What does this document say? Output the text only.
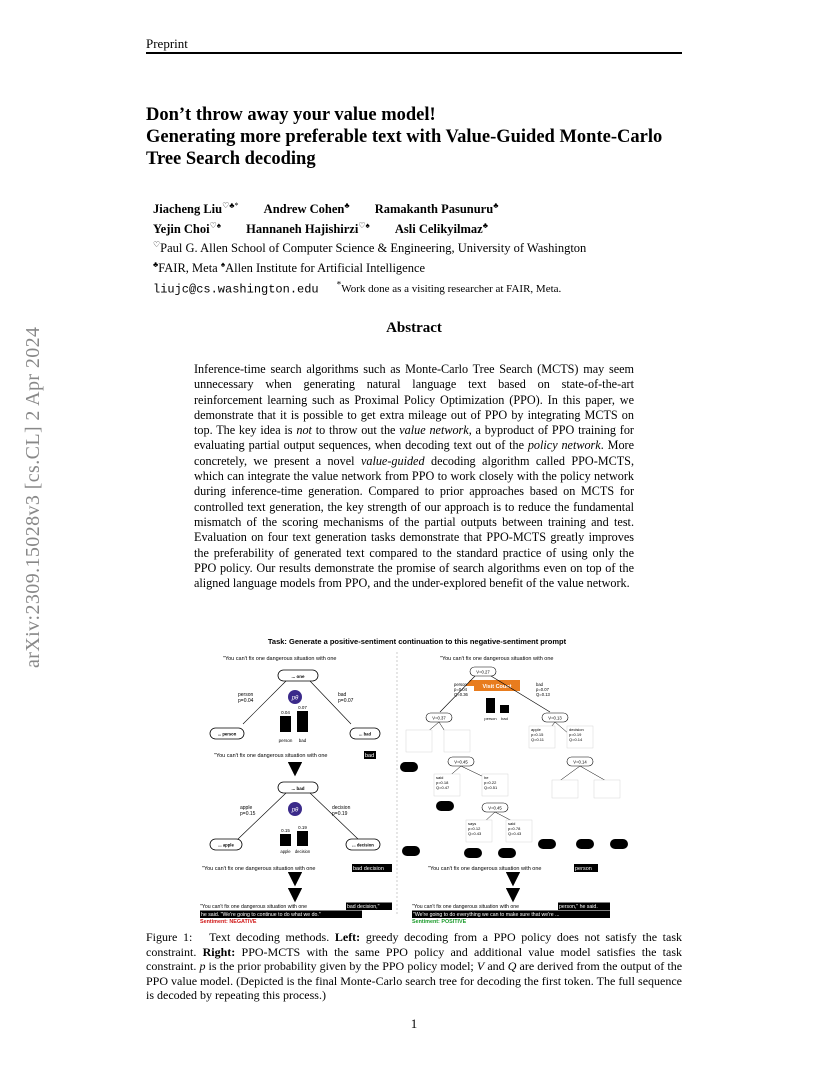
Preprint
arXiv:2309.15028v3 [cs.CL] 2 Apr 2024
Don’t throw away your value model!
Generating more preferable text with Value-Guided Monte-Carlo
Tree Search decoding
Jiacheng Liu♡♣* Andrew Cohen♣ Ramakanth Pasunuru♣
Yejin Choi♡♠ Hannaneh Hajishirzi♡♠ Asli Celikyilmaz♣
♡Paul G. Allen School of Computer Science & Engineering, University of Washington
♣FAIR, Meta ♠Allen Institute for Artificial Intelligence
liujc@cs.washington.edu *Work done as a visiting researcher at FAIR, Meta.
Abstract
Inference-time search algorithms such as Monte-Carlo Tree Search (MCTS) may seem unnecessary when generating natural language text based on state-of-the-art reinforcement learning such as Proximal Policy Optimization (PPO). In this paper, we demonstrate that it is possible to get extra mileage out of PPO by integrating MCTS on top. The key idea is not to throw out the value network, a byproduct of PPO training for evaluating partial output sequences, when decoding text out of the policy network. More concretely, we present a novel value-guided decoding algorithm called PPO-MCTS, which can integrate the value network from PPO to work closely with the policy network during inference-time generation. Compared to prior approaches based on MCTS for controlled text generation, the key strength of our approach is to reduce the fundamental mismatch of the scoring mechanisms of the partial outputs between training and test. Evaluation on four text generation tasks demonstrate that PPO-MCTS greatly improves the preferability of generated text compared to the standard practice of using only the PPO policy. Our results demonstrate the promise of search algorithms even on top of the aligned language models from PPO, and the under-explored benefit of the value network.
Task: Generate a positive-sentiment continuation to this negative-sentiment prompt
"You can't fix one dangerous situation with one
... one
person
p=0.04
bad
p=0.07
pθ
0.04
0.07
person bad
... person	... bad
"You can't fix one dangerous situation with one	bad
... bad
apple
p=0.15
decision
p=0.19
pθ
0.15
0.19
apple decision
... apple	... decision
"You can't fix one dangerous situation with one	bad decision
...
"You can't fix one dangerous situation with one	bad decision,"
he said. "We're going to continue to do what we do."
Sentiment: NEGATIVE
"You can't fix one dangerous situation with one
V=0.27
Visit Count
person
p=0.04
Q=0.36
bad
p=0.07
Q=0.13
person bad
V=0.37	V=0.13
apple
p=0.15
Q=0.11
decision
p=0.19
Q=0.14
V=0.45	V=0.14
said
p=0.18
Q=0.47
he
p=0.22
Q=0.51
V=0.45
says
p=0.12
Q=0.43
said
p=0.78
Q=0.43
"You can't fix one dangerous situation with one	person
...
"You can't fix one dangerous situation with one	person," he said.
"We're going to do everything we can to make sure that we're ...
Sentiment: POSITIVE
Figure 1: Text decoding methods. Left: greedy decoding from a PPO policy does not satisfy the task constraint. Right: PPO-MCTS with the same PPO policy and additional value model satisfies the task constraint. p is the prior probability given by the PPO policy model; V and Q are derived from the output of the PPO value model. (Depicted is the final Monte-Carlo search tree for decoding the first token. The full sequence is decoded by repeating this process.)
1
